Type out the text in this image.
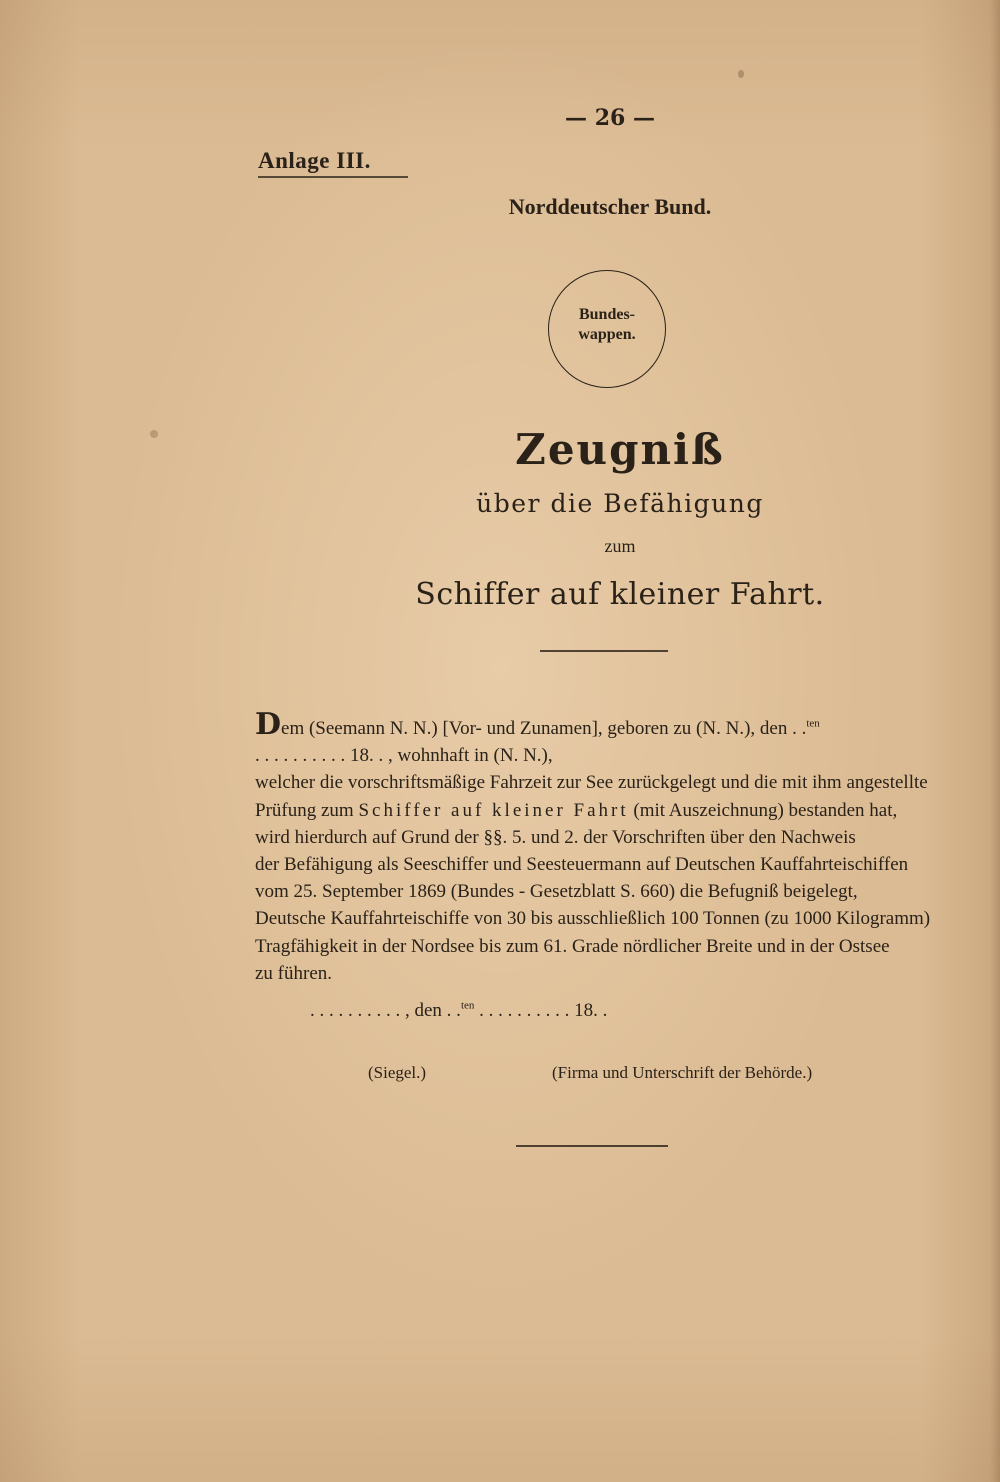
— 26 —
Anlage III.
Norddeutscher Bund.
Bundes-
wappen.
Zeugniß
über die Befähigung
zum
Schiffer auf kleiner Fahrt.
Dem (Seemann N. N.) [Vor- und Zunamen], geboren zu (N. N.), den . .$^{ten}$
. . . . . . . . . . 18. . , wohnhaft in (N. N.),
welcher die vorschriftsmäßige Fahrzeit zur See zurückgelegt und die mit ihm angestellte
Prüfung zum Schiffer auf kleiner Fahrt (mit Auszeichnung) bestanden hat,
wird hierdurch auf Grund der §§. 5. und 2. der Vorschriften über den Nachweis
der Befähigung als Seeschiffer und Seesteuermann auf Deutschen Kauffahrteischiffen
vom 25. September 1869 (Bundes - Gesetzblatt S. 660) die Befugniß beigelegt,
Deutsche Kauffahrteischiffe von 30 bis ausschließlich 100 Tonnen (zu 1000 Kilogramm)
Tragfähigkeit in der Nordsee bis zum 61. Grade nördlicher Breite und in der Ostsee
zu führen.
. . . . . . . . . . , den . .$^{ten}$ . . . . . . . . . . 18. .
(Siegel.)	(Firma und Unterschrift der Behörde.)
